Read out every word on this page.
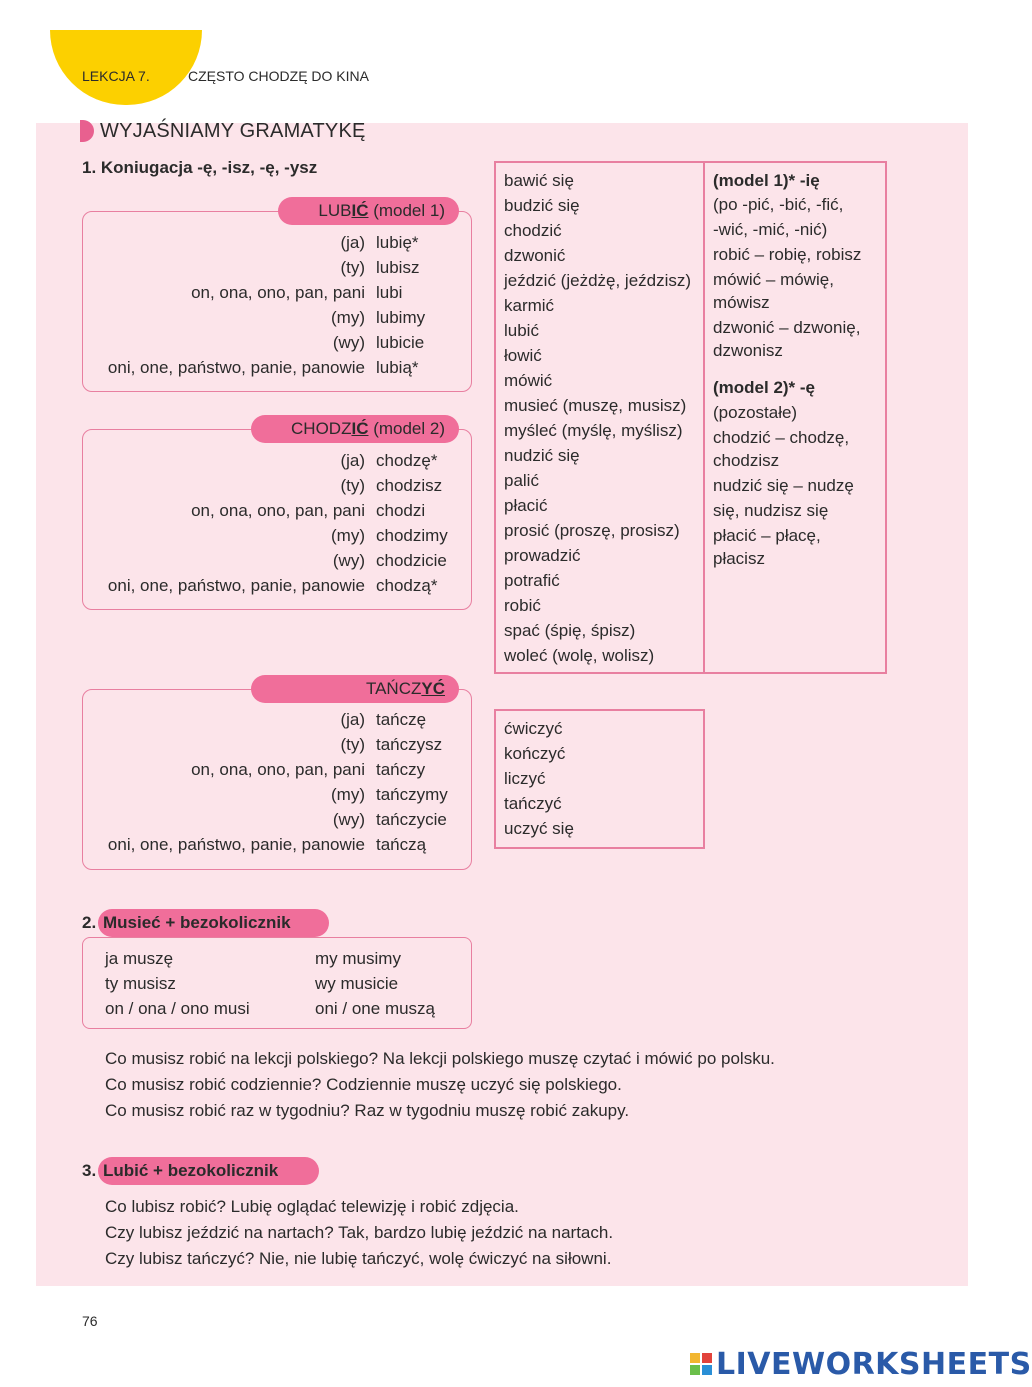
LEKCJA 7.	CZĘSTO CHODZĘ DO KINA
WYJAŚNIAMY GRAMATYKĘ
1. Koniugacja -ę, -isz, -ę, -ysz
(ja) lubię*
(ty) lubisz
on, ona, ono, pan, pani lubi
(my) lubimy
(wy) lubicie
oni, one, państwo, panie, panowie lubią*
LUBIĆ (model 1)
(ja) chodzę*
(ty) chodzisz
on, ona, ono, pan, pani chodzi
(my) chodzimy
(wy) chodzicie
oni, one, państwo, panie, panowie chodzą*
CHODZIĆ (model 2)
(ja) tańczę
(ty) tańczysz
on, ona, ono, pan, pani tańczy
(my) tańczymy
(wy) tańczycie
oni, one, państwo, panie, panowie tańczą
TAŃCZYĆ
bawić się
budzić się
chodzić
dzwonić
jeździć (jeżdżę, jeździsz)
karmić
lubić
łowić
mówić
musieć (muszę, musisz)
myśleć (myślę, myślisz)
nudzić się
palić
płacić
prosić (proszę, prosisz)
prowadzić
potrafić
robić
spać (śpię, śpisz)
woleć (wolę, wolisz)
(model 1)* -ię
(po -pić, -bić, -fić,
-wić, -mić, -nić)
robić – robię, robisz
mówić – mówię,
mówisz
dzwonić – dzwonię,
dzwonisz
(model 2)* -ę
(pozostałe)
chodzić – chodzę,
chodzisz
nudzić się – nudzę
się, nudzisz się
płacić – płacę,
płacisz
ćwiczyć
kończyć
liczyć
tańczyć
uczyć się
Musieć + bezokolicznik
2.
ja muszę
ty musisz
on / ona / ono musi
my musimy
wy musicie
oni / one muszą
Co musisz robić na lekcji polskiego? Na lekcji polskiego muszę czytać i mówić po polsku.
Co musisz robić codziennie? Codziennie muszę uczyć się polskiego.
Co musisz robić raz w tygodniu? Raz w tygodniu muszę robić zakupy.
Lubić + bezokolicznik
3.
Co lubisz robić? Lubię oglądać telewizję i robić zdjęcia.
Czy lubisz jeździć na nartach? Tak, bardzo lubię jeździć na nartach.
Czy lubisz tańczyć? Nie, nie lubię tańczyć, wolę ćwiczyć na siłowni.
76
LIVEWORKSHEETS
